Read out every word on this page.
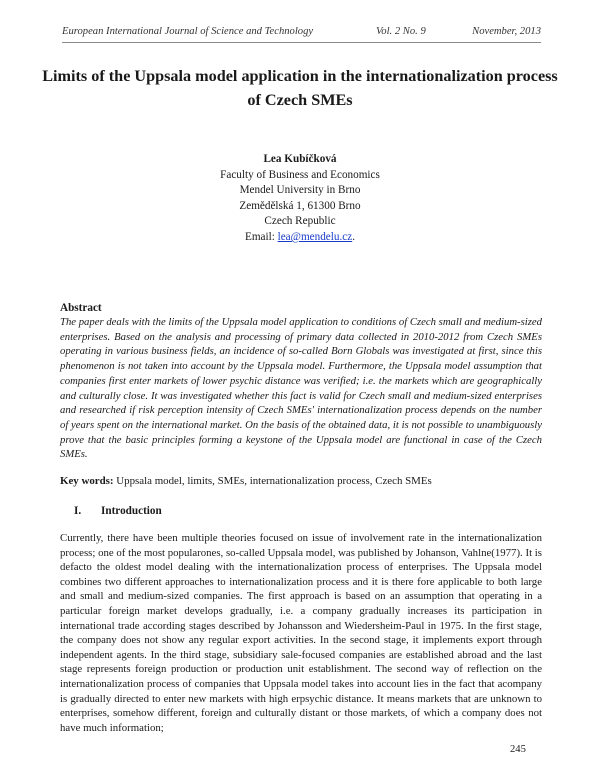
European International Journal of Science and Technology	Vol. 2 No. 9	November, 2013
Limits of the Uppsala model application in the internationalization process of Czech SMEs
Lea Kubíčková
Faculty of Business and Economics
Mendel University in Brno
Zemědělská 1, 61300 Brno
Czech Republic
Email: lea@mendelu.cz.
Abstract

The paper deals with the limits of the Uppsala model application to conditions of Czech small and medium-sized enterprises. Based on the analysis and processing of primary data collected in 2010-2012 from Czech SMEs operating in various business fields, an incidence of so-called Born Globals was investigated at first, since this phenomenon is not taken into account by the Uppsala model. Furthermore, the Uppsala model assumption that companies first enter markets of lower psychic distance was verified; i.e. the markets which are geographically and culturally close. It was investigated whether this fact is valid for Czech small and medium-sized enterprises and researched if risk perception intensity of Czech SMEs' internationalization process depends on the number of years spent on the international market. On the basis of the obtained data, it is not possible to unambiguously prove that the basic principles forming a keystone of the Uppsala model are functional in case of the Czech SMEs.

Key words: Uppsala model, limits, SMEs, internationalization process, Czech SMEs
I. Introduction

Currently, there have been multiple theories focused on issue of involvement rate in the internationalization process; one of the most popularones, so-called Uppsala model, was published by Johanson, Vahlne(1977). It is defacto the oldest model dealing with the internationalization process of enterprises. The Uppsala model combines two different approaches to internationalization process and it is there fore applicable to both large and small and medium-sized companies. The first approach is based on an assumption that operating in a particular foreign market develops gradually, i.e. a company gradually increases its participation in international trade according stages described by Johansson and Wiedersheim-Paul in 1975. In the first stage, the company does not show any regular export activities. In the second stage, it implements export through independent agents. In the third stage, subsidiary sale-focused companies are established abroad and the last stage represents foreign production or production unit establishment. The second way of reflection on the internationalization process of companies that Uppsala model takes into account lies in the fact that acompany is gradually directed to enter new markets with high erpsychic distance. It means markets that are unknown to enterprises, somehow different, foreign and culturally distant or those markets, of which a company does not have much information;

245
